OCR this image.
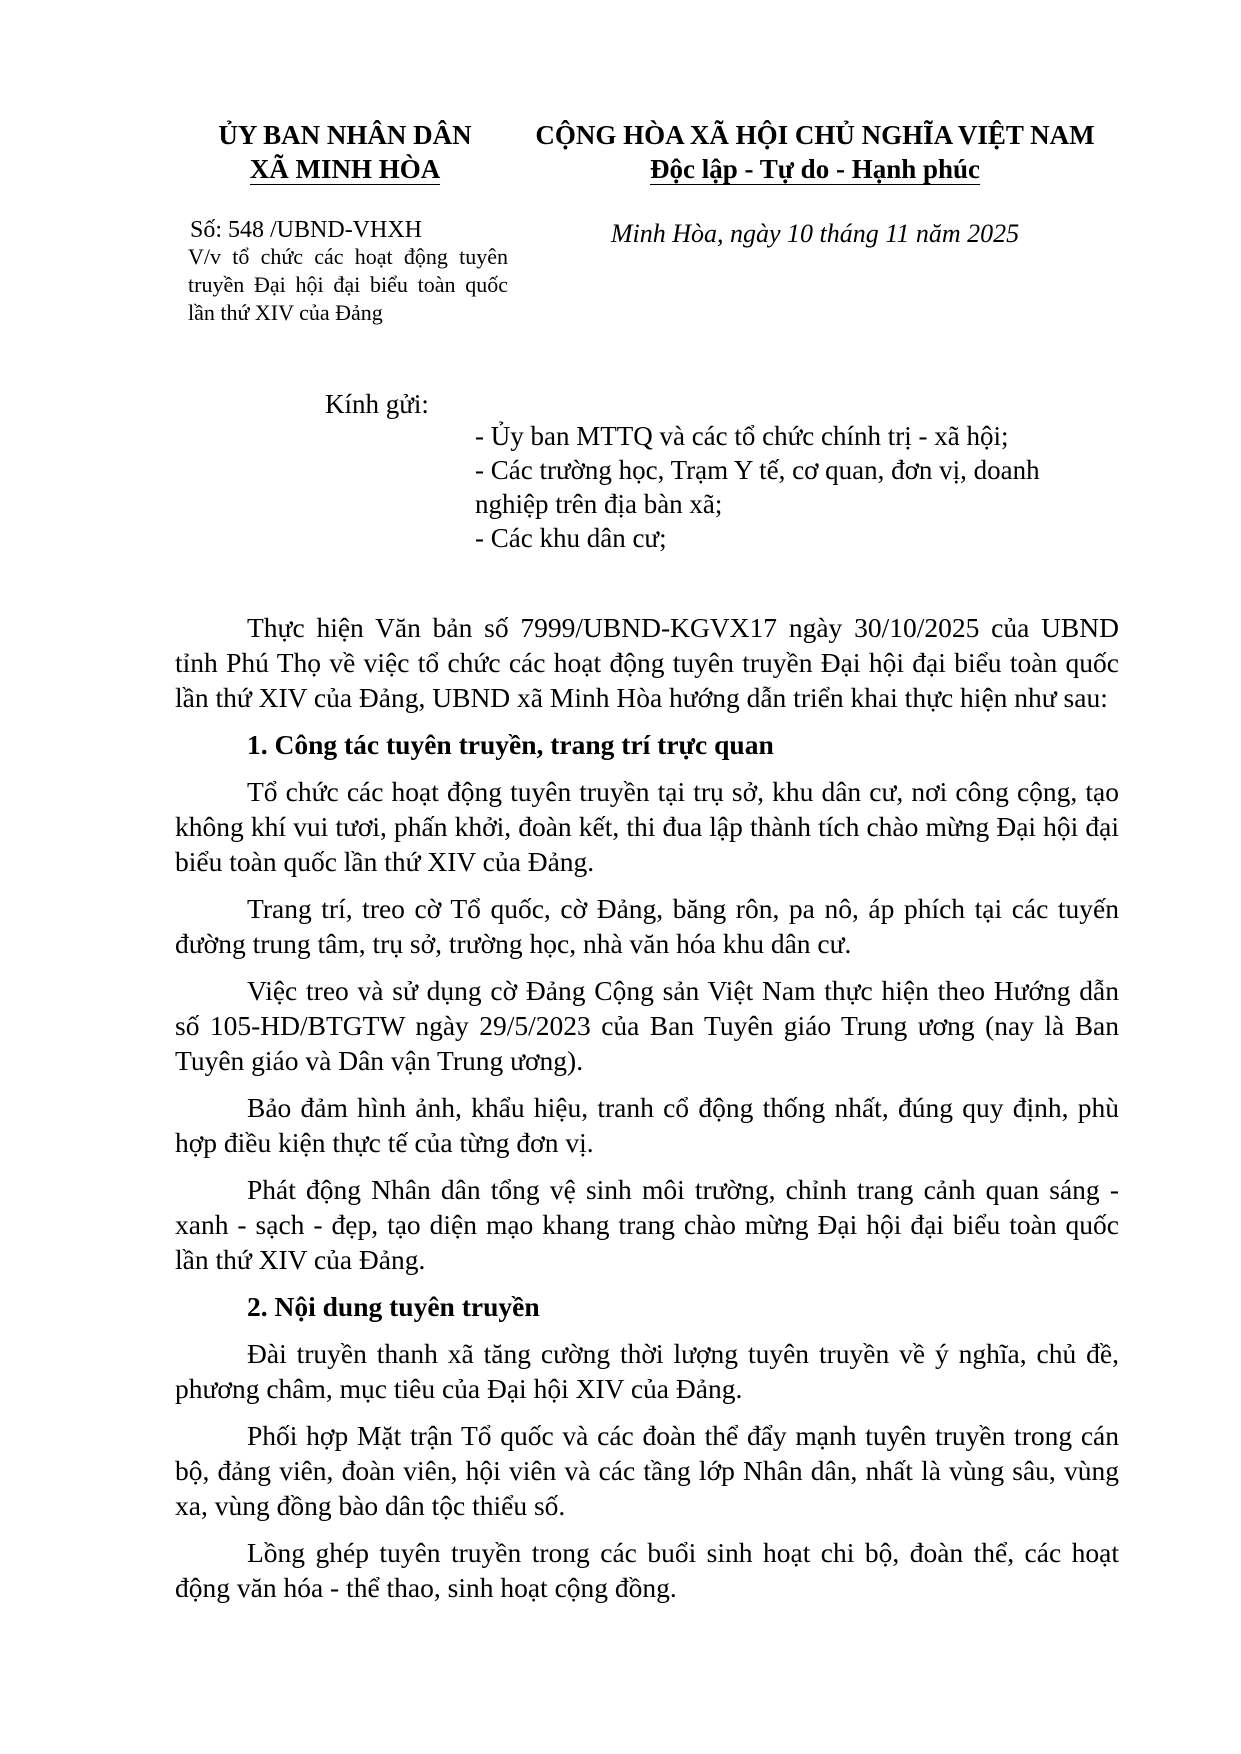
ỦY BAN NHÂN DÂN
XÃ MINH HÒA
CỘNG HÒA XÃ HỘI CHỦ NGHĨA VIỆT NAM
Độc lập - Tự do - Hạnh phúc
Số: 548 /UBND-VHXH
V/v tổ chức các hoạt động tuyên truyền Đại hội đại biểu toàn quốc lần thứ XIV của Đảng
Minh Hòa, ngày 10 tháng 11 năm 2025
Kính gửi:
- Ủy ban MTTQ và các tổ chức chính trị - xã hội;
- Các trường học, Trạm Y tế, cơ quan, đơn vị, doanh nghiệp trên địa bàn xã;
- Các khu dân cư;

Thực hiện Văn bản số 7999/UBND-KGVX17 ngày 30/10/2025 của UBND tỉnh Phú Thọ về việc tổ chức các hoạt động tuyên truyền Đại hội đại biểu toàn quốc lần thứ XIV của Đảng, UBND xã Minh Hòa hướng dẫn triển khai thực hiện như sau:

1. Công tác tuyên truyền, trang trí trực quan

Tổ chức các hoạt động tuyên truyền tại trụ sở, khu dân cư, nơi công cộng, tạo không khí vui tươi, phấn khởi, đoàn kết, thi đua lập thành tích chào mừng Đại hội đại biểu toàn quốc lần thứ XIV của Đảng.

Trang trí, treo cờ Tổ quốc, cờ Đảng, băng rôn, pa nô, áp phích tại các tuyến đường trung tâm, trụ sở, trường học, nhà văn hóa khu dân cư.

Việc treo và sử dụng cờ Đảng Cộng sản Việt Nam thực hiện theo Hướng dẫn số 105-HD/BTGTW ngày 29/5/2023 của Ban Tuyên giáo Trung ương (nay là Ban Tuyên giáo và Dân vận Trung ương).

Bảo đảm hình ảnh, khẩu hiệu, tranh cổ động thống nhất, đúng quy định, phù hợp điều kiện thực tế của từng đơn vị.

Phát động Nhân dân tổng vệ sinh môi trường, chỉnh trang cảnh quan sáng - xanh - sạch - đẹp, tạo diện mạo khang trang chào mừng Đại hội đại biểu toàn quốc lần thứ XIV của Đảng.

2. Nội dung tuyên truyền

Đài truyền thanh xã tăng cường thời lượng tuyên truyền về ý nghĩa, chủ đề, phương châm, mục tiêu của Đại hội XIV của Đảng.

Phối hợp Mặt trận Tổ quốc và các đoàn thể đẩy mạnh tuyên truyền trong cán bộ, đảng viên, đoàn viên, hội viên và các tầng lớp Nhân dân, nhất là vùng sâu, vùng xa, vùng đồng bào dân tộc thiểu số.

Lồng ghép tuyên truyền trong các buổi sinh hoạt chi bộ, đoàn thể, các hoạt động văn hóa - thể thao, sinh hoạt cộng đồng.
